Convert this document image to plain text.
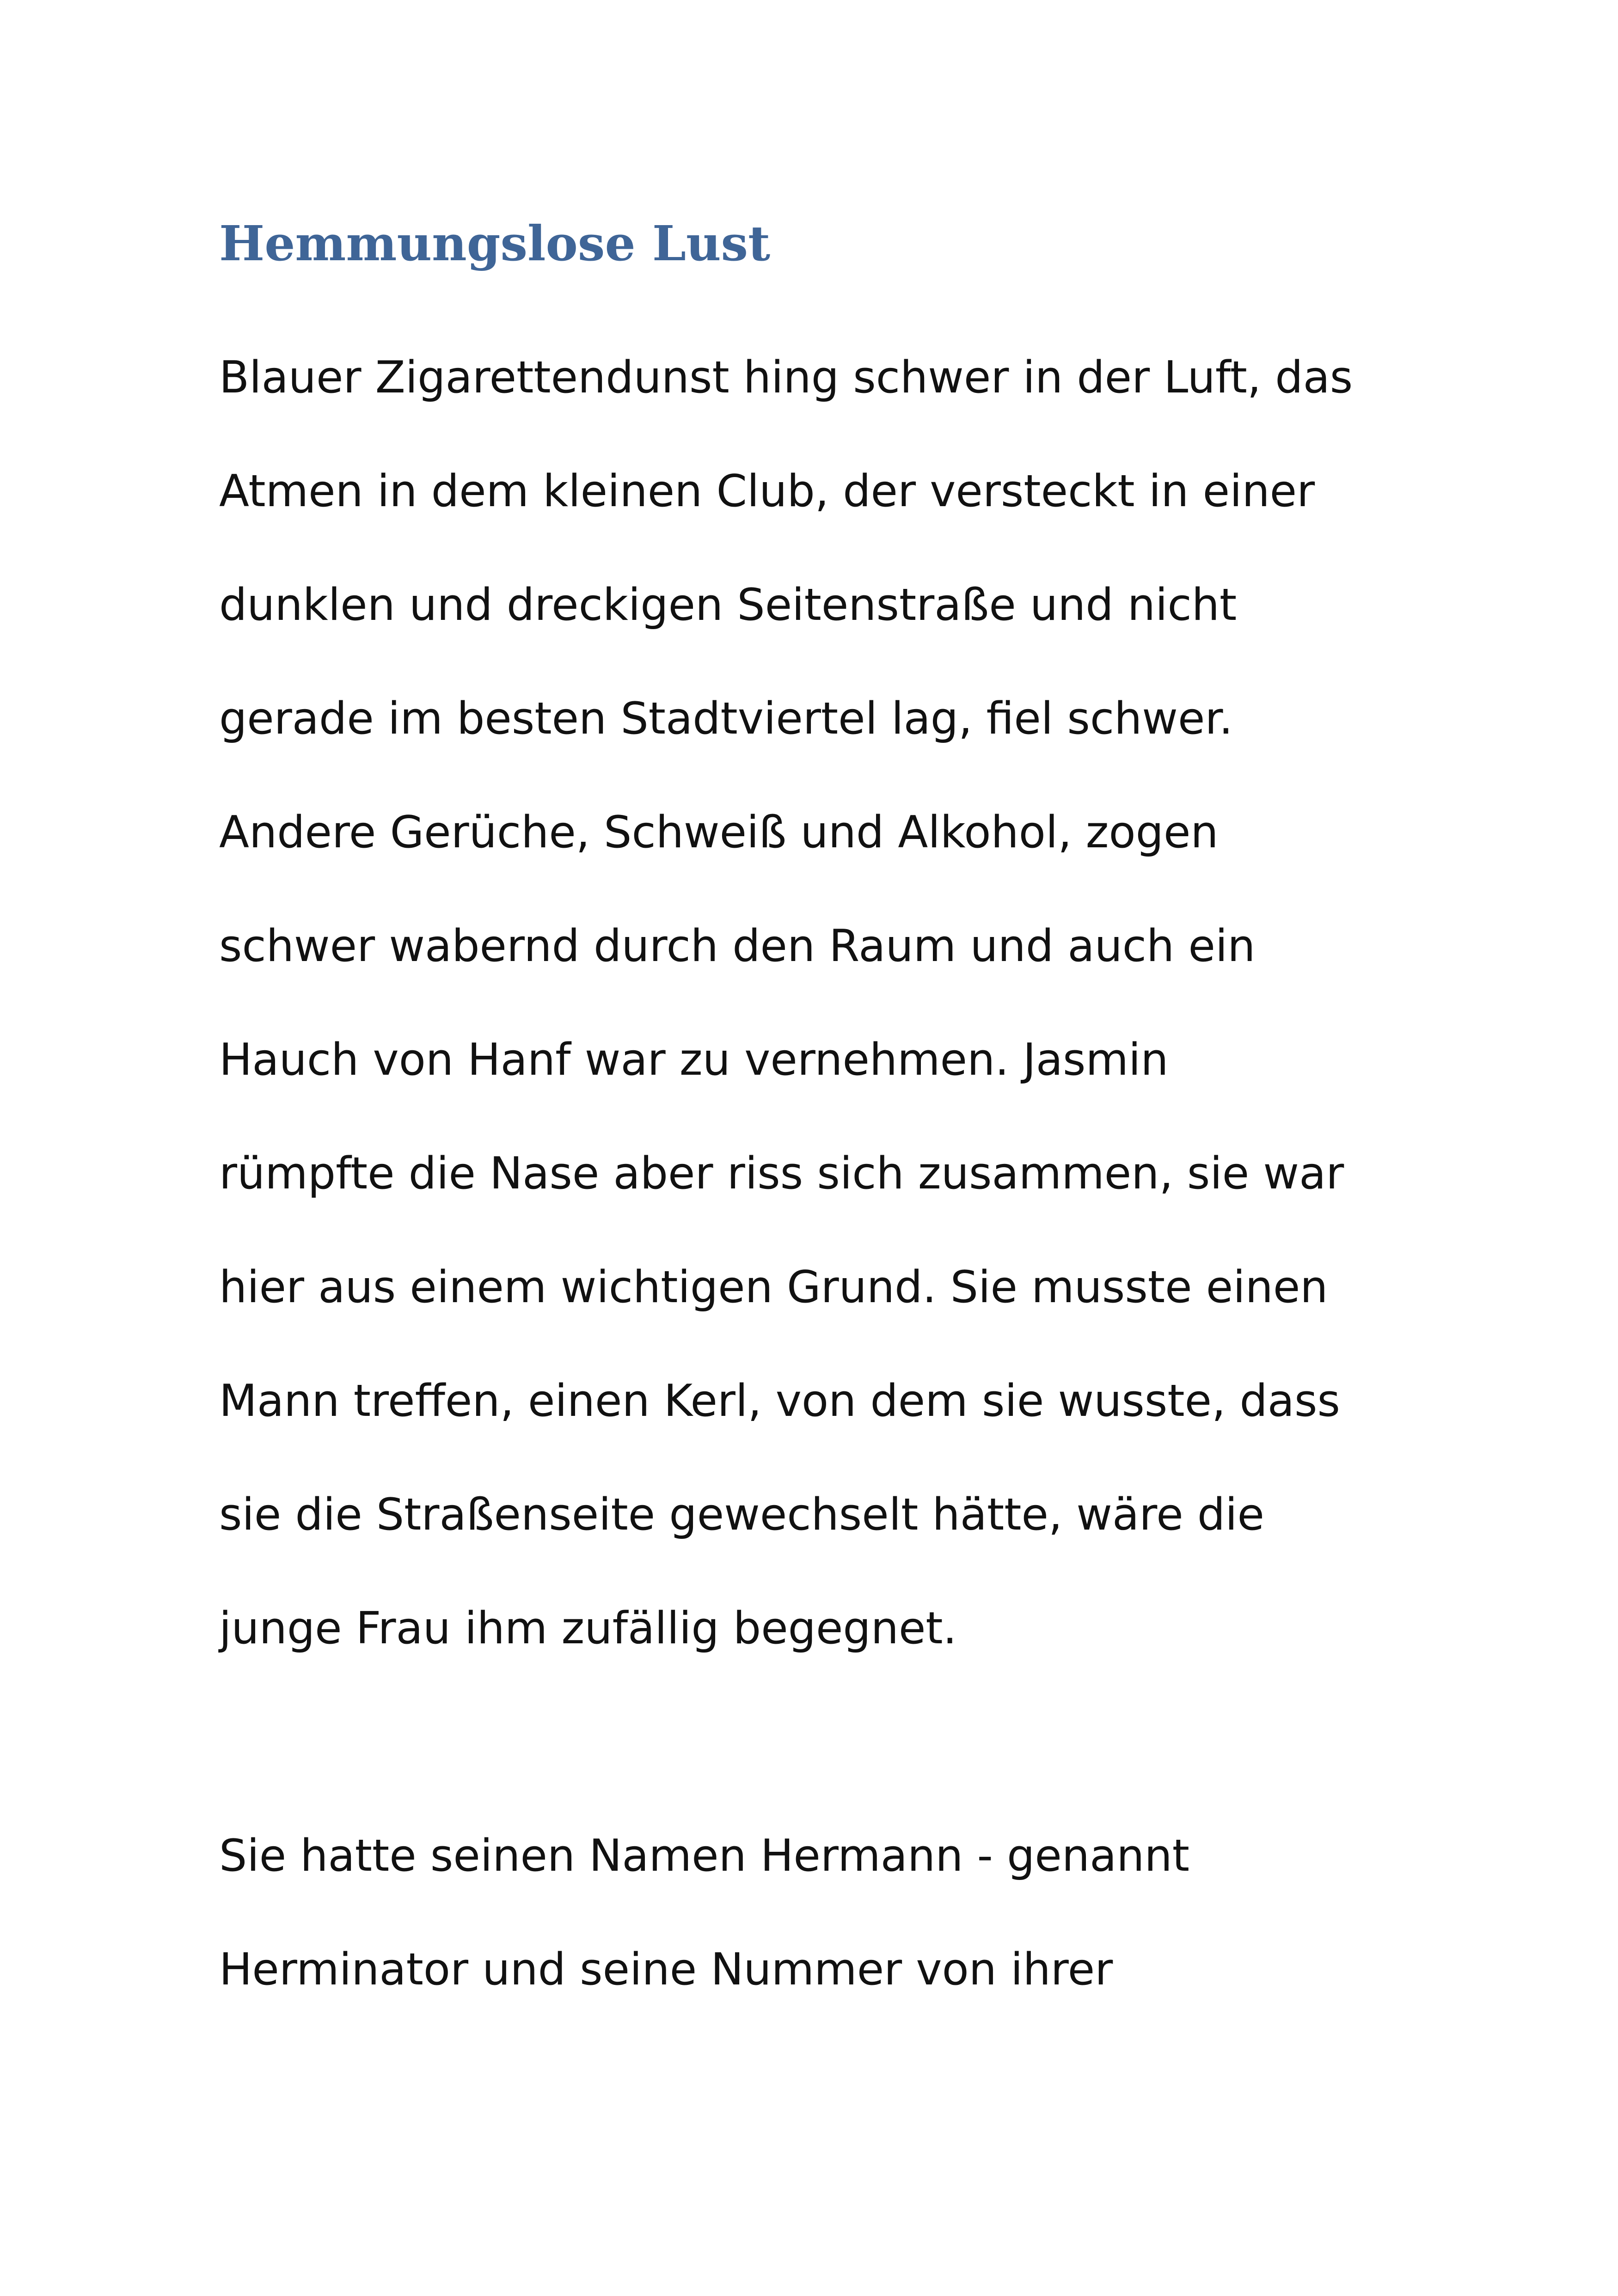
Hemmungslose Lust

Blauer Zigarettendunst hing schwer in der Luft, das

Atmen in dem kleinen Club, der versteckt in einer

dunklen und dreckigen Seitenstraße und nicht

gerade im besten Stadtviertel lag, fiel schwer.

Andere Gerüche, Schweiß und Alkohol, zogen

schwer wabernd durch den Raum und auch ein

Hauch von Hanf war zu vernehmen. Jasmin

rümpfte die Nase aber riss sich zusammen, sie war

hier aus einem wichtigen Grund. Sie musste einen

Mann treffen, einen Kerl, von dem sie wusste, dass

sie die Straßenseite gewechselt hätte, wäre die

junge Frau ihm zufällig begegnet.

Sie hatte seinen Namen Hermann - genannt

Herminator und seine Nummer von ihrer
